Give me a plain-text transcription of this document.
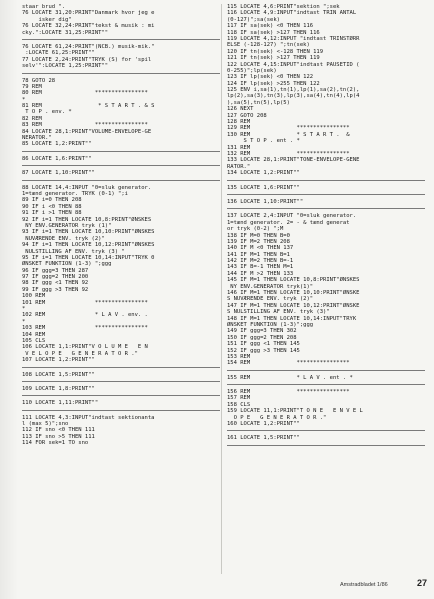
staar brud ".
76 LOCATE 31,20:PRINT"Danmark hvor jeg e
isker dig"
76 LOCATE 32,24:PRINT"tekst & musik : mi
cky.":LOCATE 31,25:PRINT""
76 LOCATE 61,24:PRINT"(NCB.) musik-mik."
:LOCATE 61,25:PRINT""
77 LOCATE 2,24:PRINT"TRYK (S) for 'spil
selv'":LOCATE 1,25:PRINT""
78 GOTO 28
79 REM
80 REM                ****************
*
81 REM                 * S T A R T . & S
T O P . env. *
82 REM
83 REM                ****************
84 LOCATE 28,1:PRINT"VOLUME-ENVELOPE-GE
NERATOR."
85 LOCATE 1,2:PRINT""
86 LOCATE 1,6:PRINT""
87 LOCATE 1,10:PRINT""
88 LOCATE 14,4:INPUT "0=sluk generator.
1=tænd generator. TRYK (0-1) ";i
89 IF i=0 THEN 208
90 IF i <0 THEN 88
91 IF i >1 THEN 88
92 IF i=1 THEN LOCATE 10,8:PRINT"ØNSKES
NY ENV.GENERATOR tryk (1)"
93 IF i=1 THEN LOCATE 10,10:PRINT"ØNSKES
NUVÆRENDE ENV. tryk (2)"
94 IF i=1 THEN LOCATE 10,12:PRINT"ØNSKES
NULSTILLING AF ENV. tryk (3) "
95 IF i=1 THEN LOCATE 10,14:INPUT"TRYK 0
ØNSKET FUNKTION (1-3) ";ggg
96 IF ggg=3 THEN 287
97 IF ggg=2 THEN 200
98 IF ggg <1 THEN 92
99 IF ggg >3 THEN 92
100 REM
101 REM               ****************
*
102 REM               * L A V . env. .
*
103 REM               ****************
104 REM
105 CLS
106 LOCATE 1,1:PRINT"V O L U M E   E N
V E L O P E   G E N E R A T O R ."
107 LOCATE 1,2:PRINT""
108 LOCATE 1,5:PRINT""
109 LOCATE 1,8:PRINT""
110 LOCATE 1,11:PRINT""
111 LOCATE 4,3:INPUT"indtast sektionanta
l (max 5)";sno
112 IF sno <0 THEN 111
113 IF sno >5 THEN 111
114 FOR sek=1 TO sno
115 LOCATE 4,6:PRINT"sektion ";sek
116 LOCATE 4,9:INPUT"indtast TRIN ANTAL
(0-127)";sa(sek)
117 IF sa(sek) <0 THEN 116
118 IF sa(sek) >127 THEN 116
119 LOCATE 4,12:INPUT "indtast TRINSTØRR
ELSE (-128-127) ";tn(sek)
120 IF tn(sek) <-128 THEN 119
121 IF tn(sek) >127 THEN 119
122 LOCATE 4,15:INPUT"indtast PAUSETID (
0-255)";lp(sek)
123 IF lp(sek) <0 THEN 122
124 IF lp(sek) >255 THEN 122
125 ENV i,sa(1),tn(1),lp(1),sa(2),tn(2),
lp(2),sa(3),tn(3),lp(3),sa(4),tn(4),lp(4
),sa(5),tn(5),lp(5)
126 NEXT
127 GOTO 208
128 REM
129 REM              ****************
130 REM              * S T A R T .  &
S T O P . ent . *
131 REM
132 REM              ****************
133 LOCATE 28,1:PRINT"TONE-ENVELOPE-GENE
RATOR."
134 LOCATE 1,2:PRINT""
135 LOCATE 1,6:PRINT""
136 LOCATE 1,10:PRINT""
137 LOCATE 2,4:INPUT "0=sluk generator.
1=tænd generator. 2= - & tænd generat
or tryk (0-2) ";M
138 IF M=0 THEN B=0
139 IF M=2 THEN 208
140 IF M <0 THEN 137
141 IF M=1 THEN B=1
142 IF M=2 THEN B=-1
143 IF B=-1 THEN M=1
144 IF M >2 THEN 133
145 IF M=1 THEN LOCATE 10,8:PRINT"ØNSKES
NY ENV.GENERATOR tryk(1)"
146 IF M=1 THEN LOCATE 10,10:PRINT"ØNSKE
S NUVÆRENDE ENV. tryk (2)"
147 IF M=1 THEN LOCATE 10,12:PRINT"ØNSKE
S NULSTILLING AF ENV. tryk (3)"
148 IF M=1 THEN LOCATE 10,14:INPUT"TRYK
ØNSKET FUNKTION (1-3)";ggg
149 IF ggg=3 THEN 302
150 IF ggg=2 THEN 208
151 IF ggg <1 THEN 145
152 IF ggg >3 THEN 145
153 REM
154 REM              ****************
155 REM              * L A V . ent . *
156 REM              ****************
157 REM
158 CLS
159 LOCATE 11,1:PRINT"T O N E   E N V E L
O P E   G E N E R A T O R ."
160 LOCATE 1,2:PRINT""
161 LOCATE 1,5:PRINT""
Amstradbladet 1/86	27
